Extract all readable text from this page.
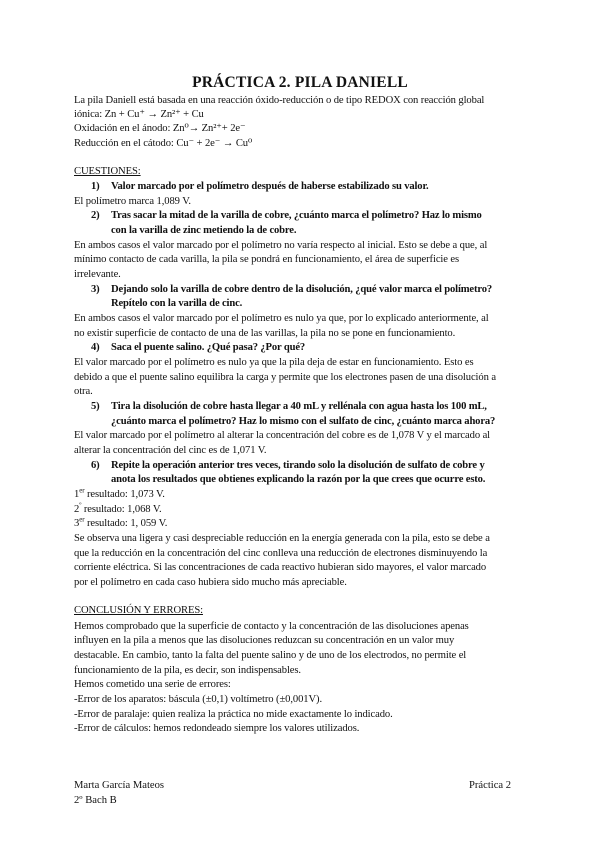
PRÁCTICA 2. PILA DANIELL
La pila Daniell está basada en una reacción óxido-reducción o de tipo REDOX con reacción global
iónica: Zn + Cu⁺ → Zn²⁺ + Cu
Oxidación en el ánodo: Zn⁰→ Zn²⁺+ 2e⁻
Reducción en el cátodo: Cu⁻ + 2e⁻ → Cu⁰
CUESTIONES:
1) Valor marcado por el polímetro después de haberse estabilizado su valor.
El polímetro marca 1,089 V.
2) Tras sacar la mitad de la varilla de cobre, ¿cuánto marca el polímetro? Haz lo mismo
con la varilla de zinc metiendo la de cobre.
En ambos casos el valor marcado por el polímetro no varía respecto al inicial. Esto se debe a que, al
mínimo contacto de cada varilla, la pila se pondrá en funcionamiento, el área de superficie es
irrelevante.
3) Dejando solo la varilla de cobre dentro de la disolución, ¿qué valor marca el polímetro?
Repítelo con la varilla de cinc.
En ambos casos el valor marcado por el polímetro es nulo ya que, por lo explicado anteriormente, al
no existir superficie de contacto de una de las varillas, la pila no se pone en funcionamiento.
4) Saca el puente salino. ¿Qué pasa? ¿Por qué?
El valor marcado por el polímetro es nulo ya que la pila deja de estar en funcionamiento. Esto es
debido a que el puente salino equilibra la carga y permite que los electrones pasen de una disolución a
otra.
5) Tira la disolución de cobre hasta llegar a 40 mL y rellénala con agua hasta los 100 mL,
¿cuánto marca el polímetro? Haz lo mismo con el sulfato de cinc, ¿cuánto marca ahora?
El valor marcado por el polímetro al alterar la concentración del cobre es de 1,078 V y el marcado al
alterar la concentración del cinc es de 1,071 V.
6) Repite la operación anterior tres veces, tirando solo la disolución de sulfato de cobre y
anota los resultados que obtienes explicando la razón por la que crees que ocurre esto.
1er resultado: 1,073 V.
$2^º$ resultado: 1,068 V.
3er resultado: 1, 059 V.
Se observa una ligera y casi despreciable reducción en la energía generada con la pila, esto se debe a
que la reducción en la concentración del cinc conlleva una reducción de electrones disminuyendo la
corriente eléctrica. Si las concentraciones de cada reactivo hubieran sido mayores, el valor marcado
por el polímetro en cada caso hubiera sido mucho más apreciable.
CONCLUSIÓN Y ERRORES:
Hemos comprobado que la superficie de contacto y la concentración de las disoluciones apenas
influyen en la pila a menos que las disoluciones reduzcan su concentración en un valor muy
destacable. En cambio, tanto la falta del puente salino y de uno de los electrodos, no permite el
funcionamiento de la pila, es decir, son indispensables.
Hemos cometido una serie de errores:
-Error de los aparatos: báscula (±0,1) voltímetro (±0,001V).
-Error de paralaje: quien realiza la práctica no mide exactamente lo indicado.
-Error de cálculos: hemos redondeado siempre los valores utilizados.
Marta García Mateos
2º Bach B
Práctica 2
